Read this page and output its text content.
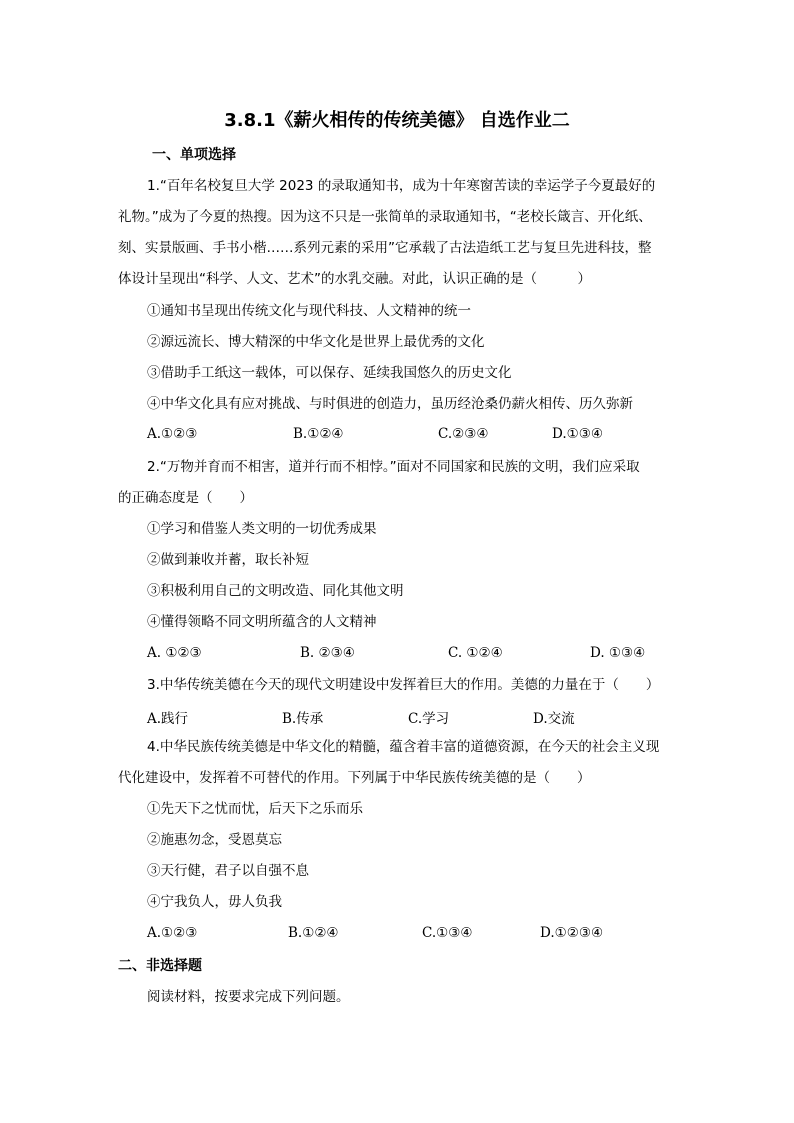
3.8.1《薪火相传的传统美德》 自选作业二
一、单项选择
1.“百年名校复旦大学 2023 的录取通知书，成为十年寒窗苦读的幸运学子今夏最好的
礼物。”成为了今夏的热搜。因为这不只是一张简单的录取通知书，“老校长箴言、开化纸、
刻、实景版画、手书小楷……系列元素的采用”它承载了古法造纸工艺与复旦先进科技，整
体设计呈现出“科学、人文、艺术”的水乳交融。对此，认识正确的是（　　　）
①通知书呈现出传统文化与现代科技、人文精神的统一
②源远流长、博大精深的中华文化是世界上最优秀的文化
③借助手工纸这一载体，可以保存、延续我国悠久的历史文化
④中华文化具有应对挑战、与时俱进的创造力，虽历经沧桑仍薪火相传、历久弥新
A.①②③	B.①②④	C.②③④	D.①③④
2.“万物并育而不相害，道并行而不相悖。”面对不同国家和民族的文明，我们应采取
的正确态度是（　　）
①学习和借鉴人类文明的一切优秀成果
②做到兼收并蓄，取长补短
③积极利用自己的文明改造、同化其他文明
④懂得领略不同文明所蕴含的人文精神
A. ①②③	B. ②③④	C. ①②④	D. ①③④
3.中华传统美德在今天的现代文明建设中发挥着巨大的作用。美德的力量在于（　　）
A.践行	B.传承	C.学习	D.交流
4.中华民族传统美德是中华文化的精髓，蕴含着丰富的道德资源，在今天的社会主义现
代化建设中，发挥着不可替代的作用。下列属于中华民族传统美德的是（　　）
①先天下之忧而忧，后天下之乐而乐
②施惠勿念，受恩莫忘
③天行健，君子以自强不息
④宁我负人，毋人负我
A.①②③	B.①②④	C.①③④	D.①②③④
二、非选择题
阅读材料，按要求完成下列问题。
